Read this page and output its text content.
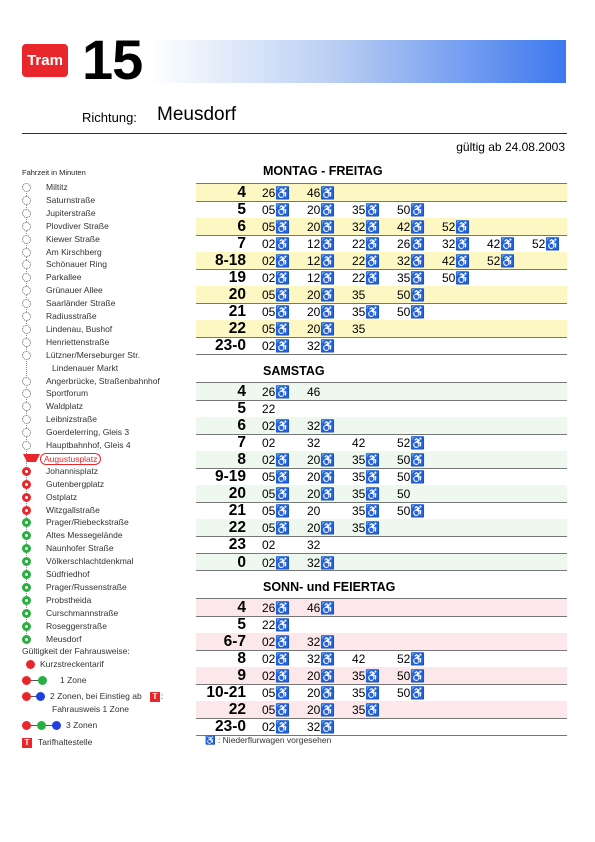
Tram 15
Richtung: Meusdorf
gültig ab 24.08.2003
Fahrzeit in Minuten
Miltitz
Saturnstraße
Jupiterstraße
Plovdiver Straße
Kiewer Straße
Am Kirschberg
Schönauer Ring
Parkallee
Grünauer Allee
Saarländer Straße
Radiusstraße
Lindenau, Bushof
Henriettenstraße
Lützner/Merseburger Str.
Lindenauer Markt
Angerbrücke, Straßenbahnhof
Sportforum
Waldplatz
Leibnizstraße
Goerdelerring, Gleis 3
Hauptbahnhof, Gleis 4
Augustusplatz
Johannisplatz
Gutenbergplatz
Ostplatz
Witzgallstraße
Prager/Riebeckstraße
Altes Messegelände
Naunhofer Straße
Völkerschlachtdenkmal
Südfriedhof
Prager/Russenstraße
Probstheida
Curschmannstraße
Roseggerstraße
Meusdorf
MONTAG - FREITAG
4 26♿ 46♿
5 05♿ 20♿ 35♿ 50♿
6 05♿ 20♿ 32♿ 42♿ 52♿
7 02♿ 12♿ 22♿ 26♿ 32♿ 42♿ 52♿
8-18 02♿ 12♿ 22♿ 32♿ 42♿ 52♿
19 02♿ 12♿ 22♿ 35♿ 50♿
20 05♿ 20♿ 35	50♿
21 05♿ 20♿ 35♿ 50♿
22 05♿ 20♿ 35
23-0 02♿ 32♿
SAMSTAG
4 26♿ 46
5 22
6 02♿ 32♿
7 02	32	42	52♿
8 02♿ 20♿ 35♿ 50♿
9-19 05♿ 20♿ 35♿ 50♿
20 05♿ 20♿ 35♿ 50
21 05♿ 20	35♿ 50♿
22 05♿ 20♿ 35♿
23 02	32
0 02♿ 32♿
SONN- und FEIERTAG
4 26♿ 46♿
5 22♿
6-7 02♿ 32♿
8 02♿ 32♿ 42	52♿
9 02♿ 20♿ 35♿ 50♿
10-21 05♿ 20♿ 35♿ 50♿
22 05♿ 20♿ 35♿
23-0 02♿ 32♿
Gültigkeit der Fahrausweise:
Kurzstreckentarif
1 Zone
2 Zonen, bei Einstieg ab	T :
Fahrausweis 1 Zone
3 Zonen
T	Tarifhaltestelle	♿ : Niederflurwagen vorgesehen
